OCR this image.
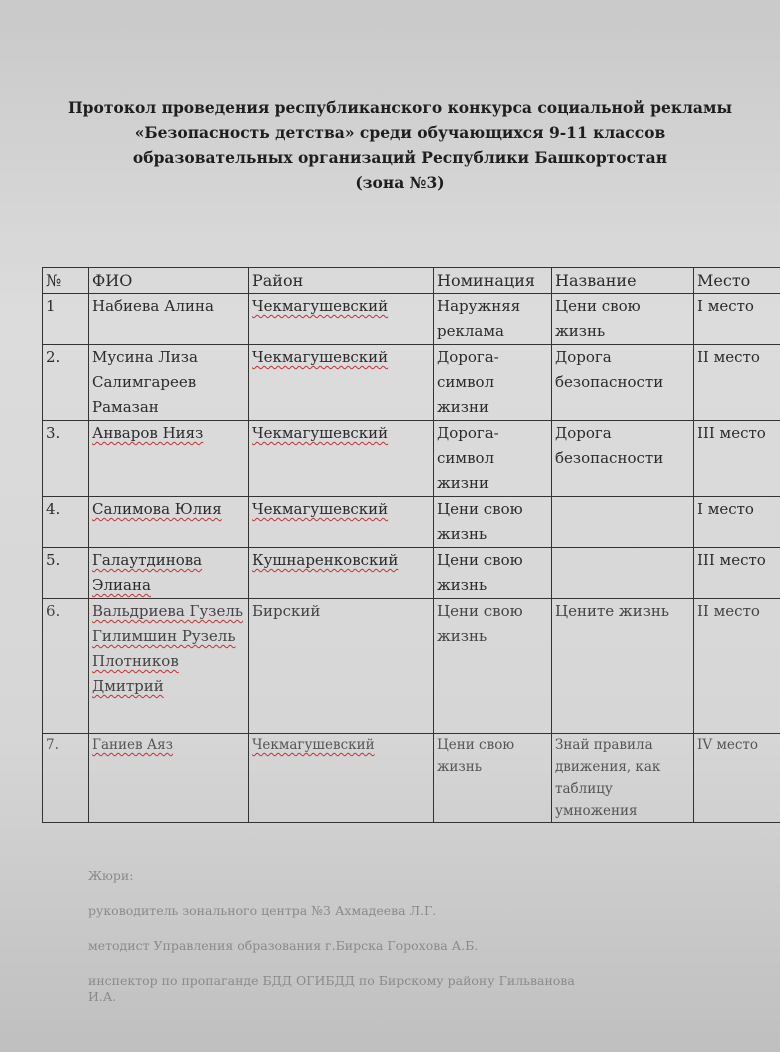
Протокол проведения республиканского конкурса социальной рекламы
«Безопасность детства» среди обучающихся 9-11 классов
образовательных организаций Республики Башкортостан
(зона №3)
№	ФИО	Район	Номинация	Название	Место
1	Набиева Алина	Чекмагушевский	Наружняя реклама	Цени свою жизнь	I место
2.	Мусина Лиза Салимгареев Рамазан	Чекмагушевский	Дорога-символ жизни	Дорога безопасности	II место
3.	Анваров Нияз	Чекмагушевский	Дорога-символ жизни	Дорога безопасности	III место
4.	Салимова Юлия	Чекмагушевский	Цени свою жизнь		I место
5.	Галаутдинова Элиана	Кушнаренковский	Цени свою жизнь		III место
6.	Вальдриева Гузель Гилимшин Рузель Плотников Дмитрий	Бирский	Цени свою жизнь	Цените жизнь	II место
7.	Ганиев Аяз	Чекмагушевский	Цени свою жизнь	Знай правила движения, как таблицу умножения	IV место
Жюри:
руководитель зонального центра №3 Ахмадеева Л.Г.
методист Управления образования г.Бирска Горохова А.Б.
инспектор по пропаганде БДД ОГИБДД по Бирскому району Гильванова
И.А.
